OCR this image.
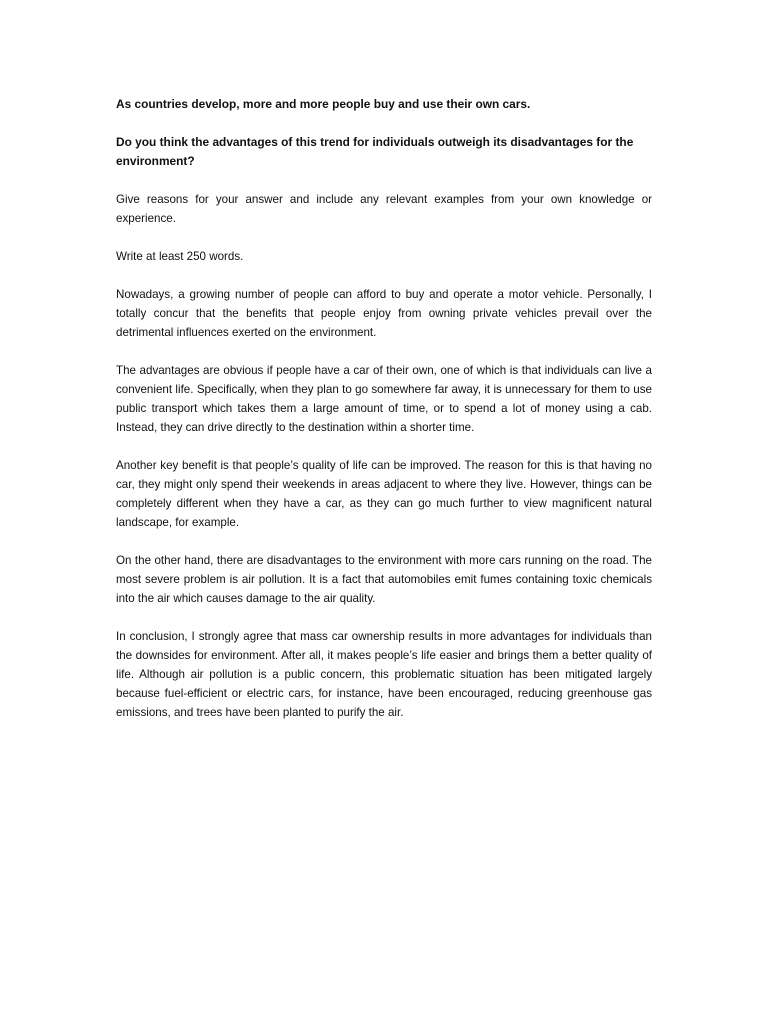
As countries develop, more and more people buy and use their own cars.

Do you think the advantages of this trend for individuals outweigh its disadvantages for the environment?

Give reasons for your answer and include any relevant examples from your own knowledge or experience.

Write at least 250 words.

Nowadays, a growing number of people can afford to buy and operate a motor vehicle. Personally, I totally concur that the benefits that people enjoy from owning private vehicles prevail over the detrimental influences exerted on the environment.

The advantages are obvious if people have a car of their own, one of which is that individuals can live a convenient life. Specifically, when they plan to go somewhere far away, it is unnecessary for them to use public transport which takes them a large amount of time, or to spend a lot of money using a cab. Instead, they can drive directly to the destination within a shorter time.

Another key benefit is that people’s quality of life can be improved. The reason for this is that having no car, they might only spend their weekends in areas adjacent to where they live. However, things can be completely different when they have a car, as they can go much further to view magnificent natural landscape, for example.

On the other hand, there are disadvantages to the environment with more cars running on the road. The most severe problem is air pollution. It is a fact that automobiles emit fumes containing toxic chemicals into the air which causes damage to the air quality.

In conclusion, I strongly agree that mass car ownership results in more advantages for individuals than the downsides for environment. After all, it makes people’s life easier and brings them a better quality of life. Although air pollution is a public concern, this problematic situation has been mitigated largely because fuel-efficient or electric cars, for instance, have been encouraged, reducing greenhouse gas emissions, and trees have been planted to purify the air.
